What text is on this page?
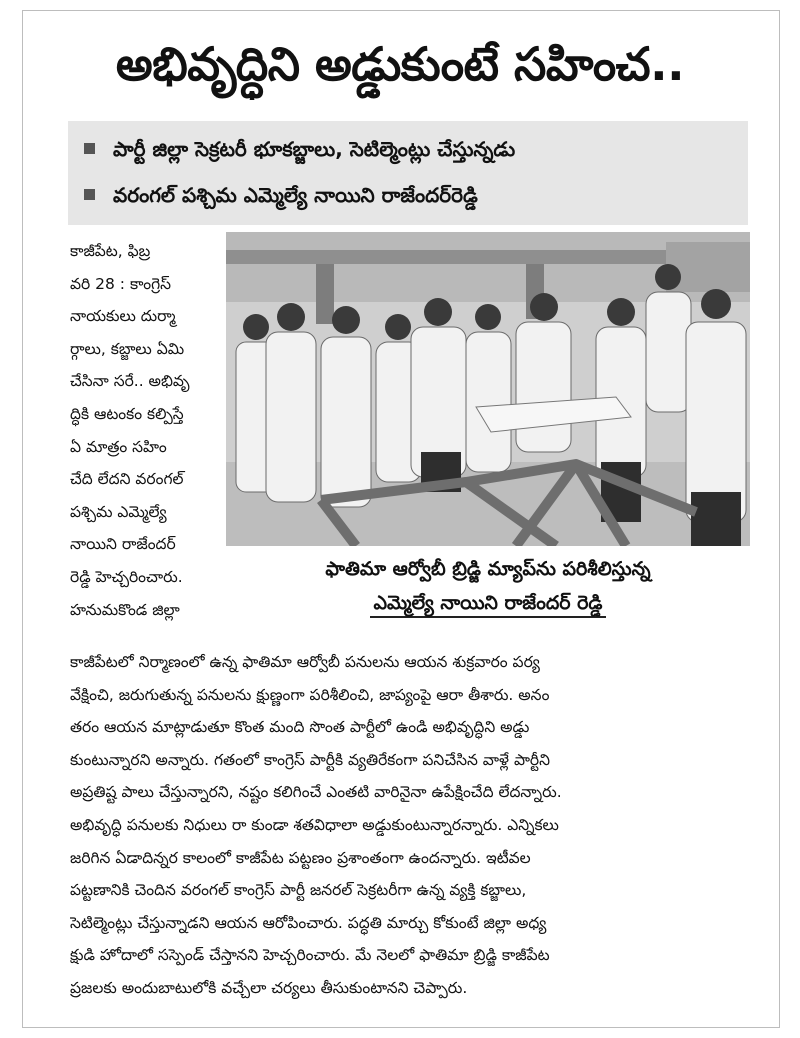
అభివృద్ధిని అడ్డుకుంటే సహించ..
పార్టీ జిల్లా సెక్రటరీ భూకబ్జాలు, సెటిల్మెంట్లు చేస్తున్నడు
వరంగల్ పశ్చిమ ఎమ్మెల్యే నాయిని రాజేందర్‌రెడ్డి
కాజీపేట, ఫిబ్ర
వరి 28 : కాంగ్రెస్
నాయకులు దుర్మా
ర్గాలు, కబ్జాలు ఏమి
చేసినా సరే.. అభివృ
ద్ధికి ఆటంకం కల్పిస్తే
ఏ మాత్రం సహిం
చేది లేదని వరంగల్
పశ్చిమ ఎమ్మెల్యే
నాయిని రాజేందర్
రెడ్డి హెచ్చరించారు.
హనుమకొండ జిల్లా
ఫాతిమా ఆర్వోబీ బ్రిడ్జి మ్యాప్‌ను పరిశీలిస్తున్న
ఎమ్మెల్యే నాయిని రాజేందర్ రెడ్డి
కాజీపేటలో నిర్మాణంలో ఉన్న ఫాతిమా ఆర్వోబీ పనులను ఆయన శుక్రవారం పర్య
వేక్షించి, జరుగుతున్న పనులను క్షుణ్ణంగా పరిశీలించి, జాప్యంపై ఆరా తీశారు. అనం
తరం ఆయన మాట్లాడుతూ కొంత మంది సొంత పార్టీలో ఉండి అభివృద్ధిని అడ్డు
కుంటున్నారని అన్నారు. గతంలో కాంగ్రెస్ పార్టీకి వ్యతిరేకంగా పనిచేసిన వాళ్లే పార్టీని
అప్రతిష్ట పాలు చేస్తున్నారని, నష్టం కలిగించే ఎంతటి వారినైనా ఉపేక్షించేది లేదన్నారు.
అభివృద్ధి పనులకు నిధులు రా కుండా శతవిధాలా అడ్డుకుంటున్నారన్నారు. ఎన్నికలు
జరిగిన ఏడాదిన్నర కాలంలో కాజీపేట పట్టణం ప్రశాంతంగా ఉందన్నారు. ఇటీవల
పట్టణానికి చెందిన వరంగల్ కాంగ్రెస్ పార్టీ జనరల్ సెక్రటరీగా ఉన్న వ్యక్తి కబ్జాలు,
సెటిల్మెంట్లు చేస్తున్నాడని ఆయన ఆరోపించారు. పద్ధతి మార్చు కోకుంటే జిల్లా అధ్య
క్షుడి హోదాలో సస్పెండ్ చేస్తానని హెచ్చరించారు. మే నెలలో ఫాతిమా బ్రిడ్జి కాజీపేట
ప్రజలకు అందుబాటులోకి వచ్చేలా చర్యలు తీసుకుంటానని చెప్పారు.
